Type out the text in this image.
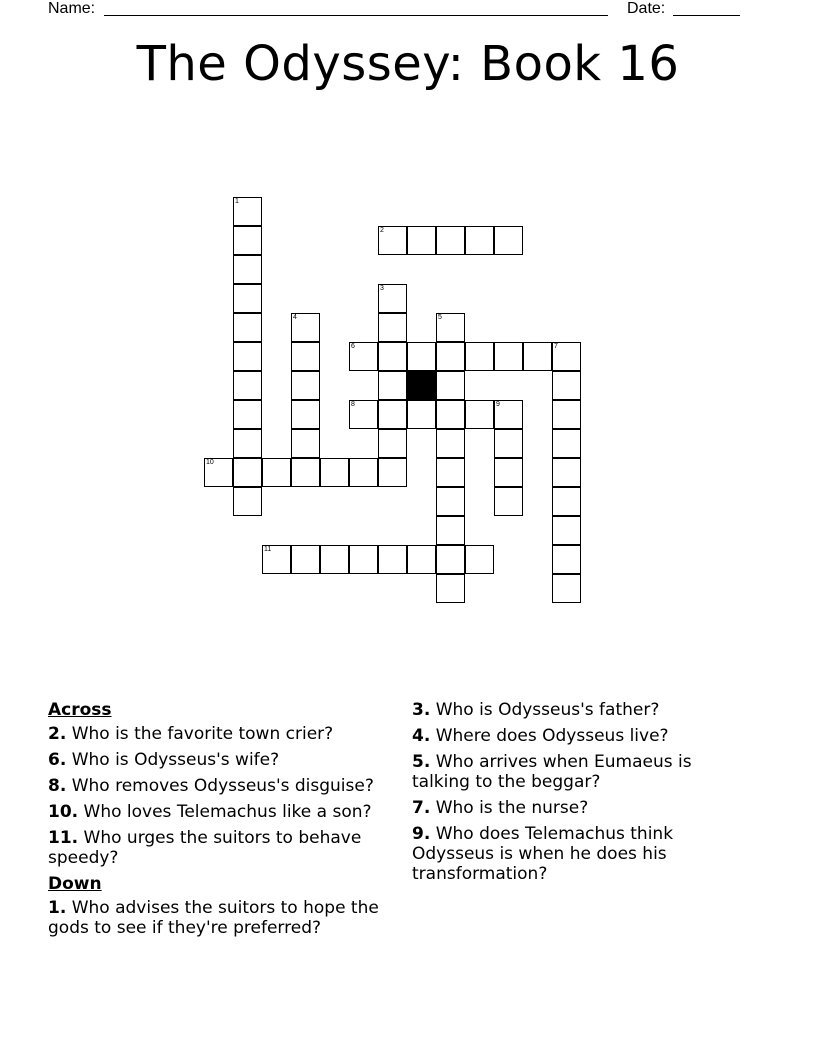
Name:	Date:
The Odyssey: Book 16
1
2
3
4	5
6	7
8	9
10
11
Across
2. Who is the favorite town crier?
6. Who is Odysseus's wife?
8. Who removes Odysseus's disguise?
10. Who loves Telemachus like a son?
11. Who urges the suitors to behave speedy?
Down
1. Who advises the suitors to hope the gods to see if they're preferred?
3. Who is Odysseus's father?
4. Where does Odysseus live?
5. Who arrives when Eumaeus is talking to the beggar?
7. Who is the nurse?
9. Who does Telemachus think Odysseus is when he does his transformation?
